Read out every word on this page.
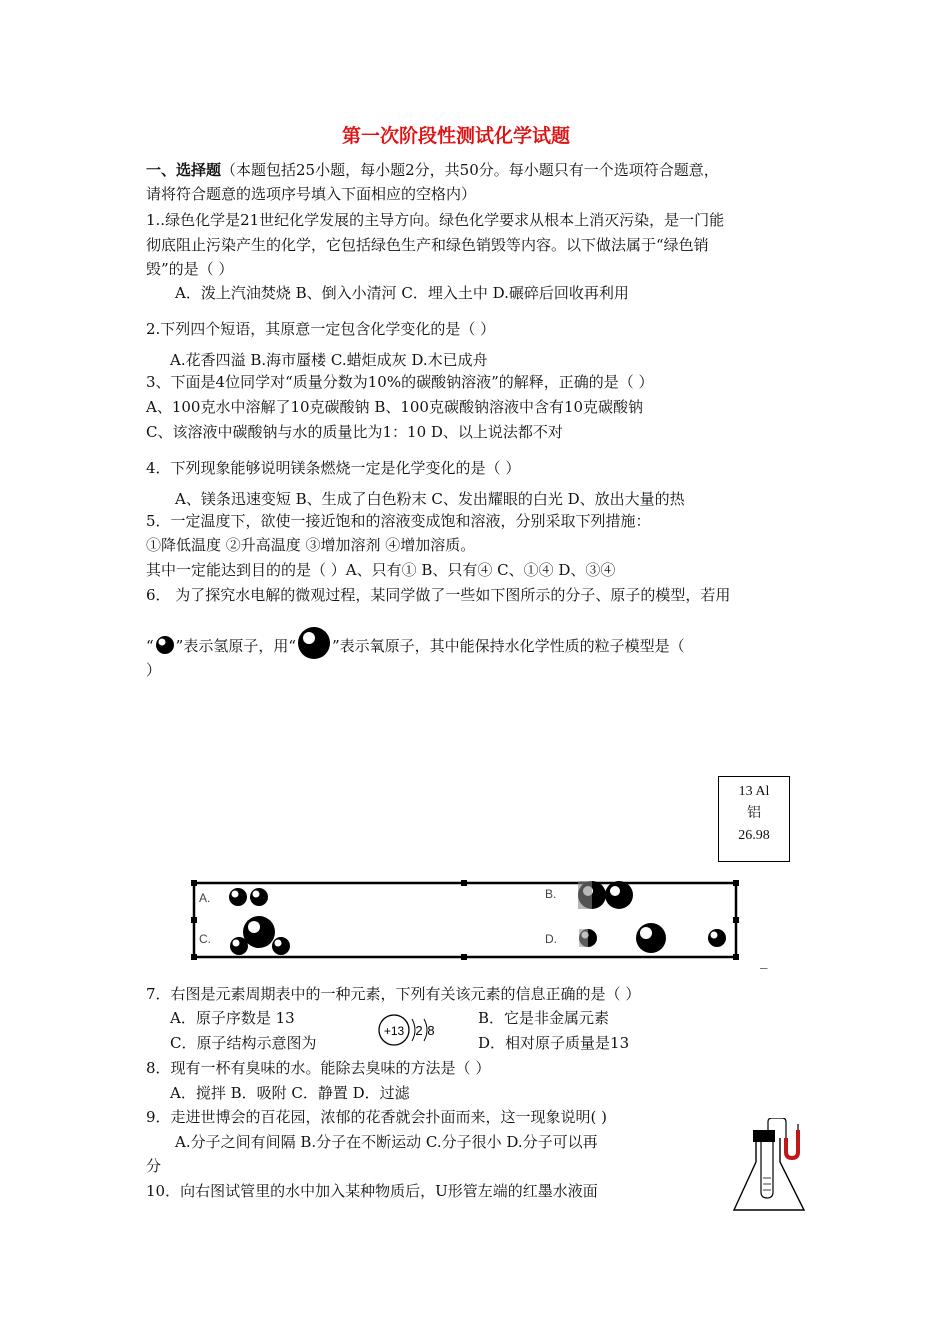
第一次阶段性测试化学试题
一、选择题（本题包括25小题，每小题2分，共50分。每小题只有一个选项符合题意，
请将符合题意的选项序号填入下面相应的空格内）
1..绿色化学是21世纪化学发展的主导方向。绿色化学要求从根本上消灭污染，是一门能
彻底阻止污染产生的化学，它包括绿色生产和绿色销毁等内容。以下做法属于“绿色销
毁”的是（ ）
A．泼上汽油焚烧 B、倒入小清河 C．埋入土中 D.碾碎后回收再利用
2.下列四个短语，其原意一定包含化学变化的是（ ）
A.花香四溢 B.海市蜃楼 C.蜡炬成灰 D.木已成舟
3、下面是4位同学对“质量分数为10%的碳酸钠溶液”的解释，正确的是（ ）
A、100克水中溶解了10克碳酸钠 B、100克碳酸钠溶液中含有10克碳酸钠
C、该溶液中碳酸钠与水的质量比为1：10 D、以上说法都不对
4．下列现象能够说明镁条燃烧一定是化学变化的是（ ）
A、镁条迅速变短 B、生成了白色粉末 C、发出耀眼的白光 D、放出大量的热
5．一定温度下，欲使一接近饱和的溶液变成饱和溶液，分别采取下列措施：
①降低温度 ②升高温度 ③增加溶剂 ④增加溶质。
其中一定能达到目的的是（ ）A、只有① B、只有④ C、①④ D、③④
6． 为了探究水电解的微观过程，某同学做了一些如下图所示的分子、原子的模型，若用
“ ”表示氢原子，用“ ”表示氧原子，其中能保持水化学性质的粒子模型是（
）
13 Al
铝
26.98
_
A.	B.
C.	D.
7．右图是元素周期表中的一种元素，下列有关该元素的信息正确的是（ ）
A．原子序数是 13	B．它是非金属元素
C．原子结构示意图为	D．相对原子质量是13
+13 2 8
8．现有一杯有臭味的水。能除去臭味的方法是（ ）
A．搅拌 B．吸附 C．静置 D．过滤
9．走进世博会的百花园，浓郁的花香就会扑面而来，这一现象说明( )
A.分子之间有间隔 B.分子在不断运动 C.分子很小 D.分子可以再
分
10．向右图试管里的水中加入某种物质后，U形管左端的红墨水液面
